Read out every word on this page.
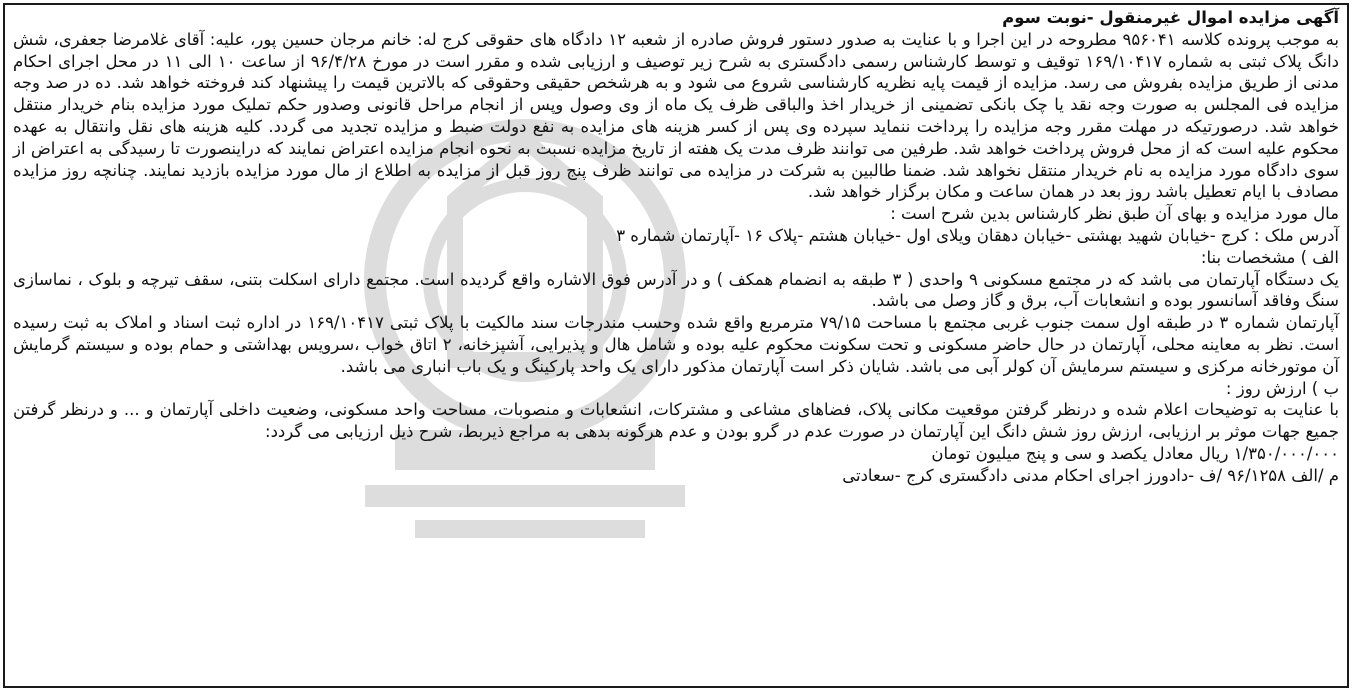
آگهی مزایده اموال غیرمنقول -نوبت سوم

به موجب پرونده کلاسه ۹۵۶۰۴۱ مطروحه در این اجرا و با عنایت به صدور دستور فروش صادره از شعبه ۱۲ دادگاه های حقوقی کرج له: خانم مرجان حسین پور، علیه: آقای غلامرضا جعفری، شش دانگ پلاک ثبتی به شماره ۱۶۹/۱۰۴۱۷ توقیف و توسط کارشناس رسمی دادگستری به شرح زیر توصیف و ارزیابی شده و مقرر است در مورخ ۹۶/۴/۲۸ از ساعت ۱۰ الی ۱۱ در محل اجرای احکام مدنی از طریق مزایده بفروش می رسد. مزایده از قیمت پایه نظریه کارشناسی شروع می شود و به هرشخص حقیقی وحقوقی که بالاترین قیمت را پیشنهاد کند فروخته خواهد شد. ده در صد وجه مزایده فی المجلس به صورت وجه نقد یا چک بانکی تضمینی از خریدار اخذ والباقی ظرف یک ماه از وی وصول وپس از انجام مراحل قانونی وصدور حکم تملیک مورد مزایده بنام خریدار منتقل خواهد شد. درصورتیکه در مهلت مقرر وجه مزایده را پرداخت ننماید سپرده وی پس از کسر هزینه های مزایده به نفع دولت ضبط و مزایده تجدید می گردد. کلیه هزینه های نقل وانتقال به عهده محکوم علیه است که از محل فروش پرداخت خواهد شد. طرفین می توانند ظرف مدت یک هفته از تاریخ مزایده نسبت به نحوه انجام مزایده اعتراض نمایند که دراینصورت تا رسیدگی به اعتراض از سوی دادگاه مورد مزایده به نام خریدار منتقل نخواهد شد. ضمنا طالبین به شرکت در مزایده می توانند ظرف پنج روز قبل از مزایده به اطلاع از مال مورد مزایده بازدید نمایند. چنانچه روز مزایده مصادف با ایام تعطیل باشد روز بعد در همان ساعت و مکان برگزار خواهد شد.

مال مورد مزایده و بهای آن طبق نظر کارشناس بدین شرح است :

آدرس ملک : کرج -خیابان شهید بهشتی -خیابان دهقان ویلای اول -خیابان هشتم -پلاک ۱۶ -آپارتمان شماره ۳

الف ) مشخصات بنا:

یک دستگاه آپارتمان می باشد که در مجتمع مسکونی ۹ واحدی ( ۳ طبقه به انضمام همکف ) و در آدرس فوق الاشاره واقع گردیده است. مجتمع دارای اسکلت بتنی، سقف تیرچه و بلوک ، نماسازی سنگ وفاقد آسانسور بوده و انشعابات آب، برق و گاز وصل می باشد.

آپارتمان شماره ۳ در طبقه اول سمت جنوب غربی مجتمع با مساحت ۷۹/۱۵ مترمربع واقع شده وحسب مندرجات سند مالکیت با پلاک ثبتی ۱۶۹/۱۰۴۱۷ در اداره ثبت اسناد و املاک به ثبت رسیده است. نظر به معاینه محلی، آپارتمان در حال حاضر مسکونی و تحت سکونت محکوم علیه بوده و شامل هال و پذیرایی، آشپزخانه، ۲ اتاق خواب ،سرویس بهداشتی و حمام بوده و سیستم گرمایش آن موتورخانه مرکزی و سیستم سرمایش آن کولر آبی می باشد. شایان ذکر است آپارتمان مذکور دارای یک واحد پارکینگ و یک باب انباری می باشد.

ب ) ارزش روز :

با عنایت به توضیحات اعلام شده و درنظر گرفتن موقعیت مکانی پلاک، فضاهای مشاعی و مشترکات، انشعابات و منصوبات، مساحت واحد مسکونی، وضعیت داخلی آپارتمان و ... و درنظر گرفتن جمیع جهات موثر بر ارزیابی، ارزش روز شش دانگ این آپارتمان در صورت عدم در گرو بودن و عدم هرگونه بدهی به مراجع ذیربط، شرح ذیل ارزیابی می گردد:

۱/۳۵۰/۰۰۰/۰۰۰ ریال معادل یکصد و سی و پنج میلیون تومان

م /الف ۹۶/۱۲۵۸ /ف -دادورز اجرای احکام مدنی دادگستری کرج -سعادتی
